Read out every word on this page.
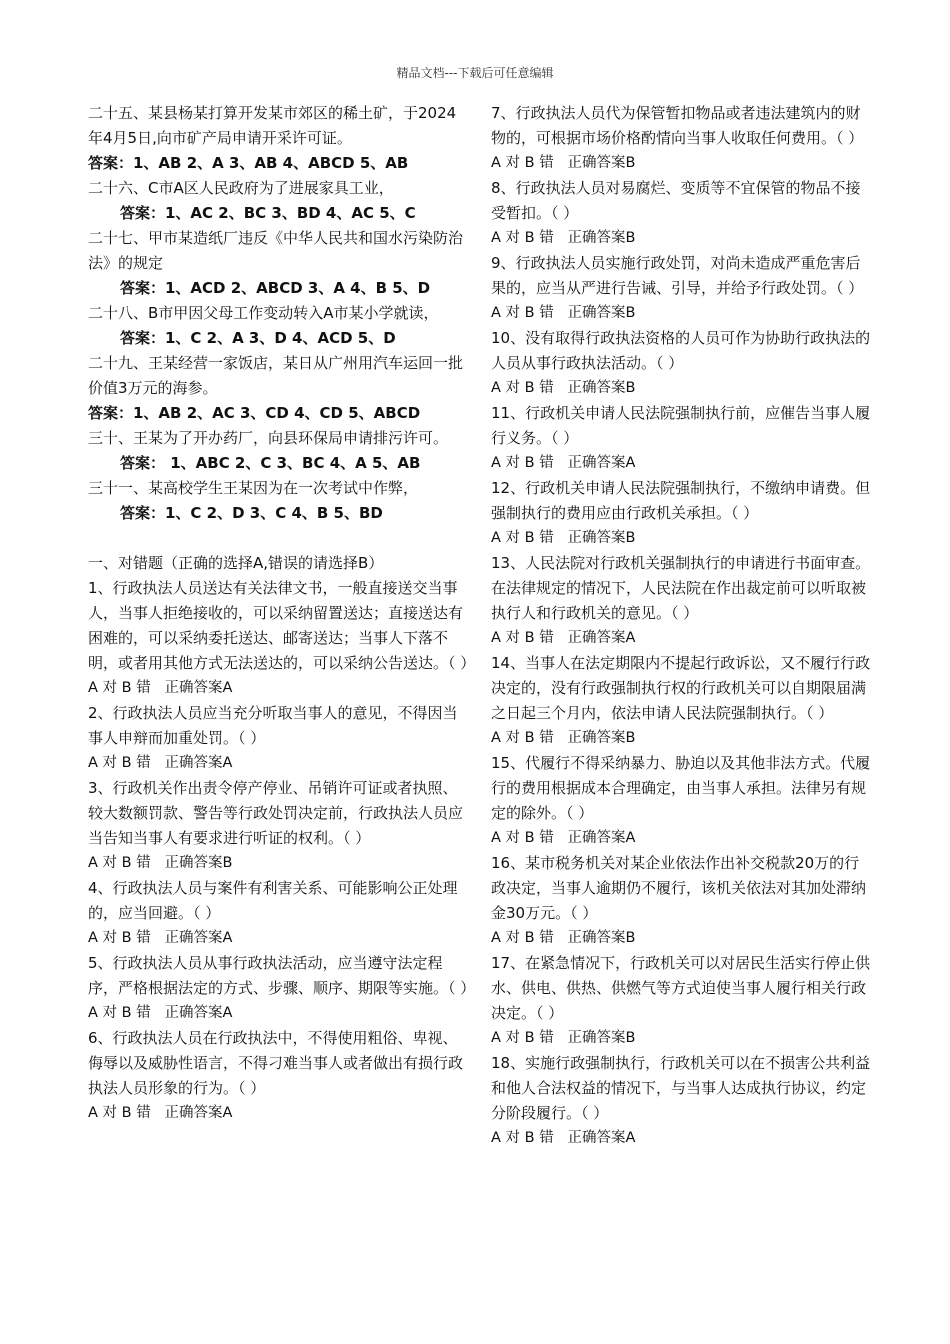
精品文档---下载后可任意编辑

二十五、某县杨某打算开发某市郊区的稀土矿，于2024年4月5日,向市矿产局申请开采许可证。

答案：1、AB 2、A 3、AB 4、ABCD 5、AB

二十六、C市A区人民政府为了进展家具工业，

答案：1、AC 2、BC 3、BD 4、AC 5、C

二十七、甲市某造纸厂违反《中华人民共和国水污染防治法》的规定

答案：1、ACD 2、ABCD 3、A 4、B 5、D

二十八、B市甲因父母工作变动转入A市某小学就读，

答案：1、C 2、A 3、D 4、ACD 5、D

二十九、王某经营一家饭店，某日从广州用汽车运回一批价值3万元的海参。

答案：1、AB 2、AC 3、CD 4、CD 5、ABCD

三十、王某为了开办药厂，向县环保局申请排污许可。

答案： 1、ABC 2、C 3、BC 4、A 5、AB

三十一、某高校学生王某因为在一次考试中作弊，

答案：1、C 2、D 3、C 4、B 5、BD

一、对错题（正确的选择A,错误的请选择B）

1、行政执法人员送达有关法律文书，一般直接送交当事人，当事人拒绝接收的，可以采纳留置送达；直接送达有困难的，可以采纳委托送达、邮寄送达；当事人下落不明，或者用其他方式无法送达的，可以采纳公告送达。（ ）

A 对 B 错   正确答案A

2、行政执法人员应当充分听取当事人的意见，不得因当事人申辩而加重处罚。（ ）

A 对 B 错   正确答案A

3、行政机关作出责令停产停业、吊销许可证或者执照、较大数额罚款、警告等行政处罚决定前，行政执法人员应当告知当事人有要求进行听证的权利。（ ）

A 对 B 错   正确答案B

4、行政执法人员与案件有利害关系、可能影响公正处理的，应当回避。（ ）

A 对 B 错   正确答案A

5、行政执法人员从事行政执法活动，应当遵守法定程序，严格根据法定的方式、步骤、顺序、期限等实施。（ ）

A 对 B 错   正确答案A

6、行政执法人员在行政执法中，不得使用粗俗、卑视、侮辱以及威胁性语言，不得刁难当事人或者做出有损行政执法人员形象的行为。（ ）

A 对 B 错   正确答案A

7、行政执法人员代为保管暂扣物品或者违法建筑内的财物的，可根据市场价格酌情向当事人收取任何费用。（ ）

A 对 B 错   正确答案B

8、行政执法人员对易腐烂、变质等不宜保管的物品不接受暂扣。（ ）

A 对 B 错   正确答案B

9、行政执法人员实施行政处罚，对尚未造成严重危害后果的，应当从严进行告诫、引导，并给予行政处罚。（ ）

A 对 B 错   正确答案B

10、没有取得行政执法资格的人员可作为协助行政执法的人员从事行政执法活动。（ ）

A 对 B 错   正确答案B

11、行政机关申请人民法院强制执行前，应催告当事人履行义务。（ ）

A 对 B 错   正确答案A

12、行政机关申请人民法院强制执行，不缴纳申请费。但强制执行的费用应由行政机关承担。（ ）

A 对 B 错   正确答案B

13、人民法院对行政机关强制执行的申请进行书面审查。在法律规定的情况下，人民法院在作出裁定前可以听取被执行人和行政机关的意见。（ ）

A 对 B 错   正确答案A

14、当事人在法定期限内不提起行政诉讼，又不履行行政决定的，没有行政强制执行权的行政机关可以自期限届满之日起三个月内，依法申请人民法院强制执行。（ ）

A 对 B 错   正确答案B

15、代履行不得采纳暴力、胁迫以及其他非法方式。代履行的费用根据成本合理确定，由当事人承担。法律另有规定的除外。（ ）

A 对 B 错   正确答案A

16、某市税务机关对某企业依法作出补交税款20万的行政决定，当事人逾期仍不履行，该机关依法对其加处滞纳金30万元。（ ）

A 对 B 错   正确答案B

17、在紧急情况下，行政机关可以对居民生活实行停止供水、供电、供热、供燃气等方式迫使当事人履行相关行政决定。（ ）

A 对 B 错   正确答案B

18、实施行政强制执行，行政机关可以在不损害公共利益和他人合法权益的情况下，与当事人达成执行协议，约定分阶段履行。（ ）

A 对 B 错   正确答案A
